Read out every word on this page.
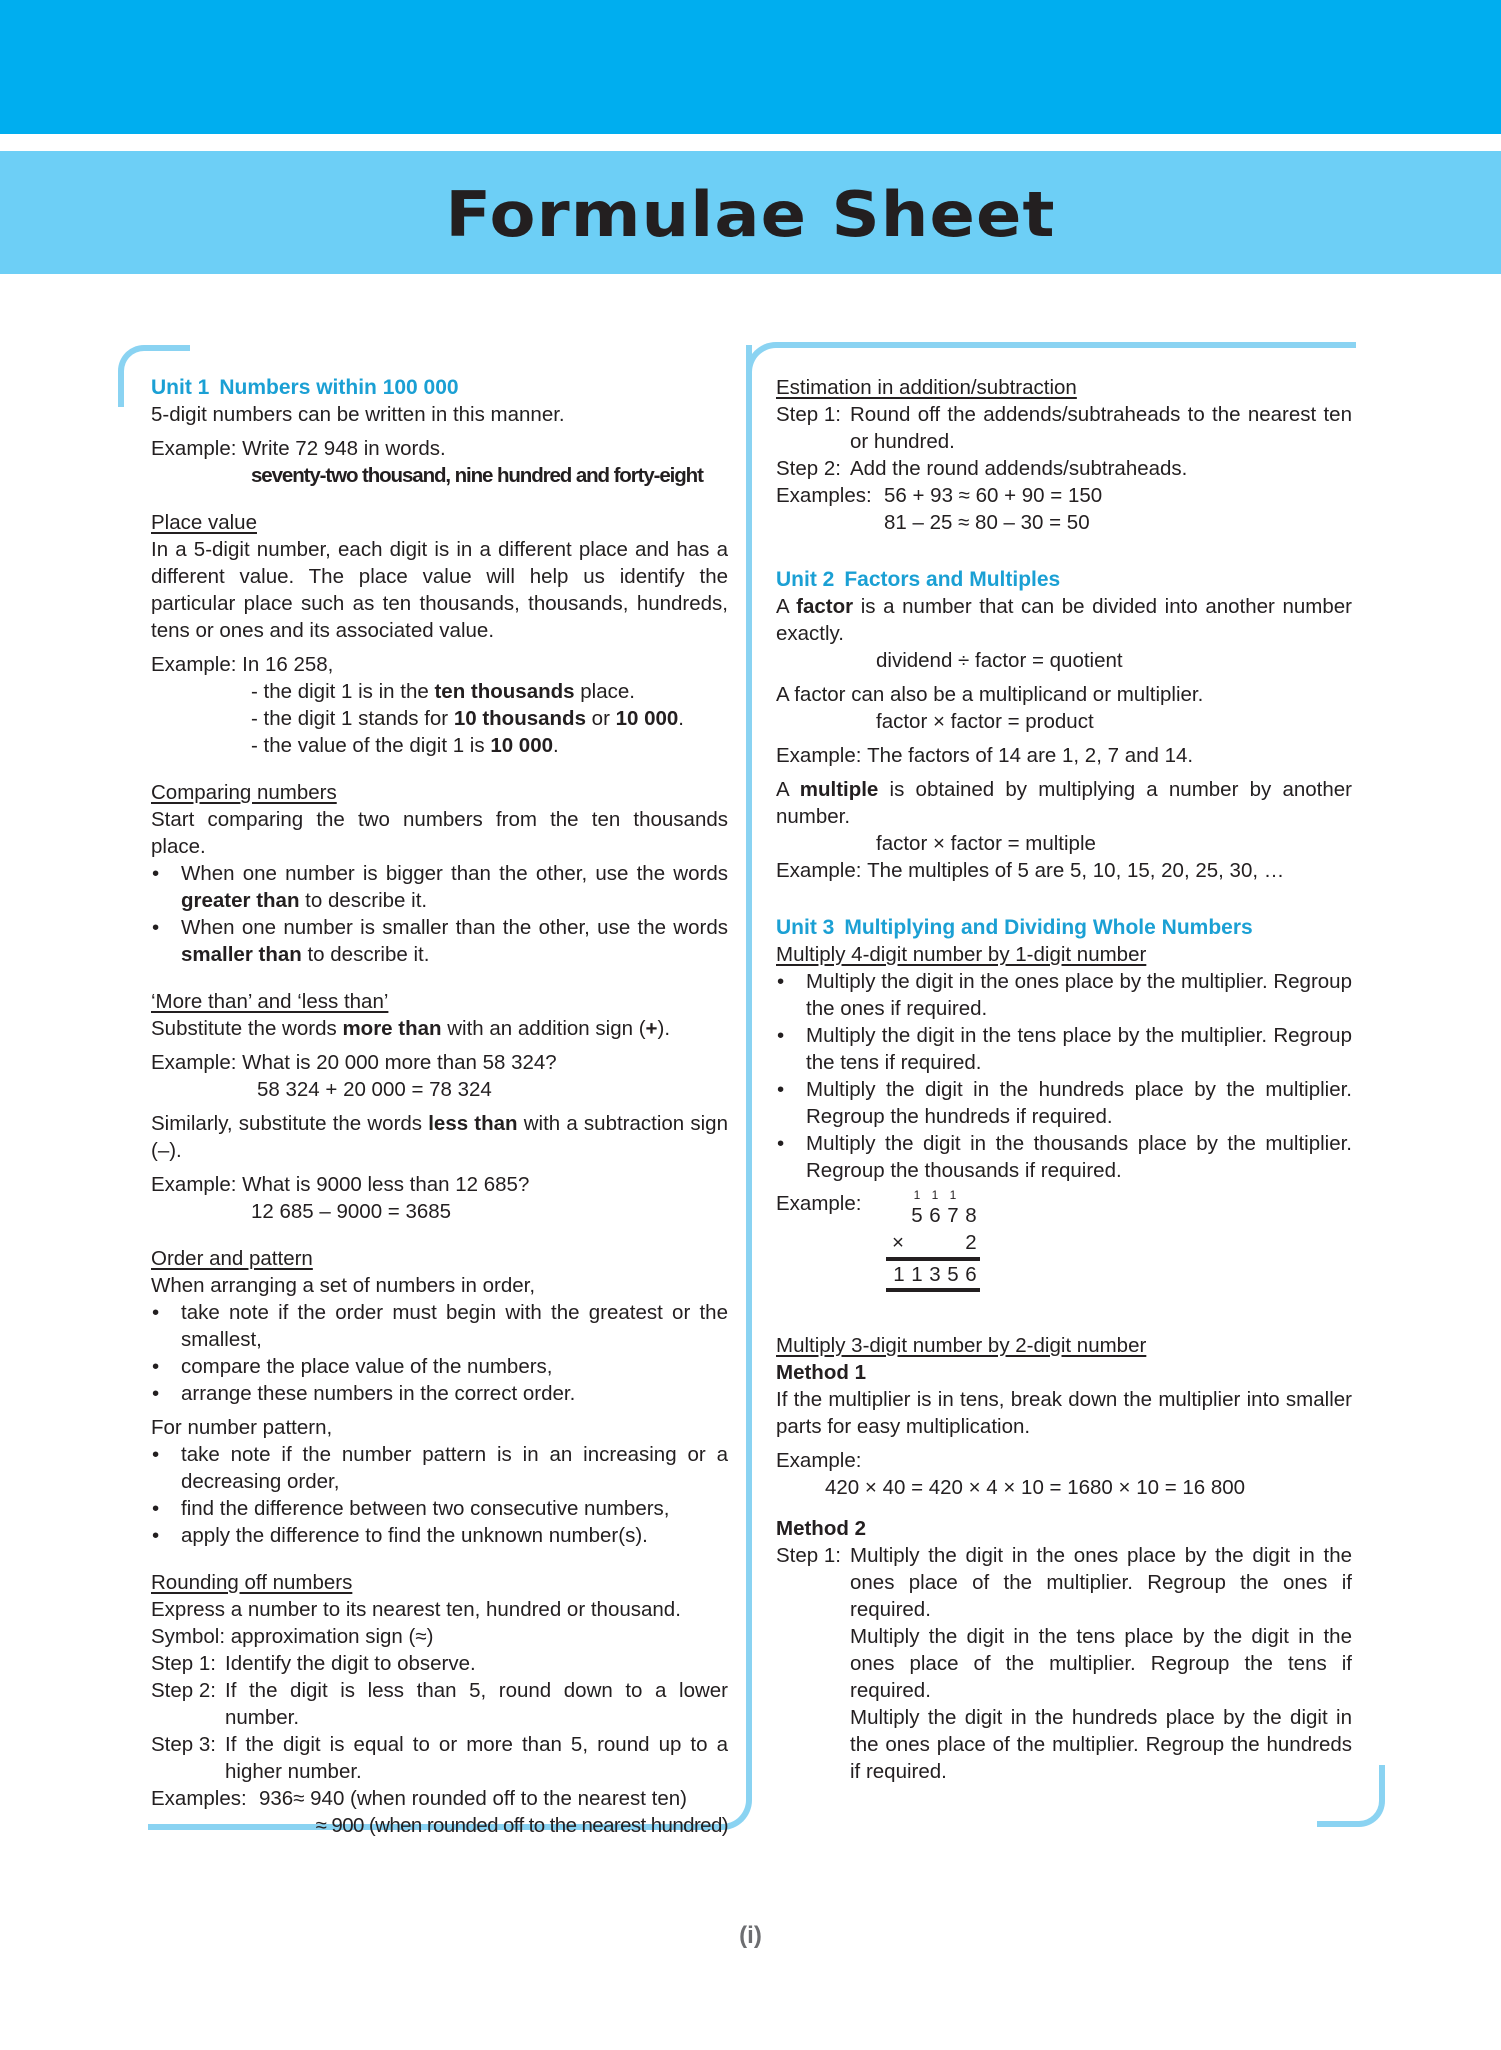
Formulae Sheet
Unit 1 Numbers within 100 000
5-digit numbers can be written in this manner.
Example: Write 72 948 in words.
seventy-two thousand, nine hundred and forty-eight
Place value
In a 5-digit number, each digit is in a different place and has a different value. The place value will help us identify the particular place such as ten thousands, thousands, hundreds, tens or ones and its associated value.
Example: In 16 258,
- the digit 1 is in the ten thousands place.
- the digit 1 stands for 10 thousands or 10 000.
- the value of the digit 1 is 10 000.
Comparing numbers
Start comparing the two numbers from the ten thousands place.
• When one number is bigger than the other, use the words greater than to describe it.
• When one number is smaller than the other, use the words smaller than to describe it.
‘More than’ and ‘less than’
Substitute the words more than with an addition sign (+).
Example: What is 20 000 more than 58 324?
58 324 + 20 000 = 78 324
Similarly, substitute the words less than with a subtraction sign (–).
Example: What is 9000 less than 12 685?
12 685 – 9000 = 3685
Order and pattern
When arranging a set of numbers in order,
• take note if the order must begin with the greatest or the smallest,
• compare the place value of the numbers,
• arrange these numbers in the correct order.
For number pattern,
• take note if the number pattern is in an increasing or a decreasing order,
• find the difference between two consecutive numbers,
• apply the difference to find the unknown number(s).
Rounding off numbers
Express a number to its nearest ten, hundred or thousand.
Symbol: approximation sign (≈)
Step 1: Identify the digit to observe.
Step 2: If the digit is less than 5, round down to a lower number.
Step 3: If the digit is equal to or more than 5, round up to a higher number.
Examples: 936≈ 940 (when rounded off to the nearest ten)
≈ 900 (when rounded off to the nearest hundred)
Estimation in addition/subtraction
Step 1: Round off the addends/subtraheads to the nearest ten or hundred.
Step 2: Add the round addends/subtraheads.
Examples: 56 + 93 ≈ 60 + 90 = 150
81 – 25 ≈ 80 – 30 = 50
Unit 2 Factors and Multiples
A factor is a number that can be divided into another number exactly.
dividend ÷ factor = quotient
A factor can also be a multiplicand or multiplier.
factor × factor = product
Example: The factors of 14 are 1, 2, 7 and 14.
A multiple is obtained by multiplying a number by another number.
factor × factor = multiple
Example: The multiples of 5 are 5, 10, 15, 20, 25, 30, …
Unit 3 Multiplying and Dividing Whole Numbers
Multiply 4-digit number by 1-digit number
• Multiply the digit in the ones place by the multiplier. Regroup the ones if required.
• Multiply the digit in the tens place by the multiplier. Regroup the tens if required.
• Multiply the digit in the hundreds place by the multiplier. Regroup the hundreds if required.
• Multiply the digit in the thousands place by the multiplier. Regroup the thousands if required.
Example:	1 1 1
5 6 7 8
×	2
1 1 3 5 6
Multiply 3-digit number by 2-digit number
Method 1
If the multiplier is in tens, break down the multiplier into smaller parts for easy multiplication.
Example:
420 × 40 = 420 × 4 × 10 = 1680 × 10 = 16 800
Method 2
Step 1: Multiply the digit in the ones place by the digit in the ones place of the multiplier. Regroup the ones if required.
Multiply the digit in the tens place by the digit in the ones place of the multiplier. Regroup the tens if required.
Multiply the digit in the hundreds place by the digit in the ones place of the multiplier. Regroup the hundreds if required.
(i)
